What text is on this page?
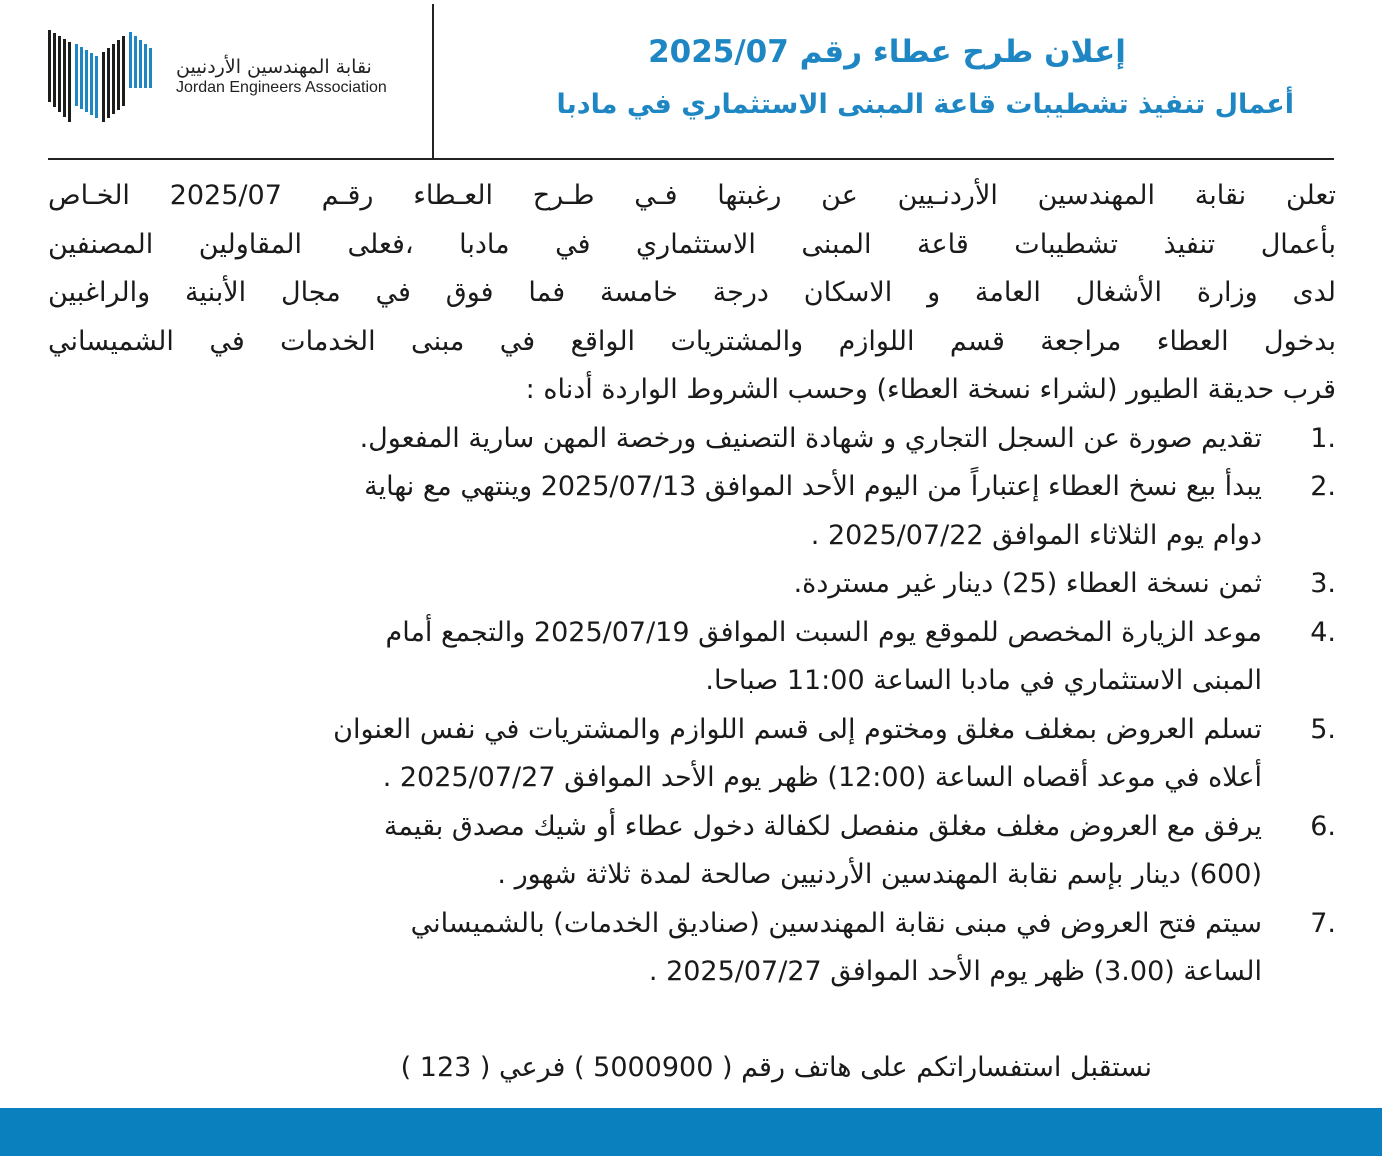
نقابة المهندسين الأردنيين
Jordan Engineers Association
إعلان طرح عطاء رقم 2025/07
أعمال تنفيذ تشطيبات قاعة المبنى الاستثماري في مادبا
تعلن نقابة المهندسين الأردنـيين عن رغبتها فـي طـرح العـطاء رقـم 2025/07 الخـاص
بأعمال تنفيذ تشطيبات قاعة المبنى الاستثماري في مادبا ،فعلى المقاولين المصنفين
لدى وزارة الأشغال العامة و الاسكان درجة خامسة فما فوق في مجال الأبنية والراغبين
بدخول العطاء مراجعة قسم اللوازم والمشتريات الواقع في مبنى الخدمات في الشميساني
قرب حديقة الطيور (لشراء نسخة العطاء) وحسب الشروط الواردة أدناه :
1.
تقديم صورة عن السجل التجاري و شهادة التصنيف ورخصة المهن سارية المفعول.
2.
يبدأ بيع نسخ العطاء إعتباراً من اليوم الأحد الموافق 2025/07/13 وينتهي مع نهاية
دوام يوم الثلاثاء الموافق 2025/07/22 .
3.
ثمن نسخة العطاء (25) دينار غير مستردة.
4.
موعد الزيارة المخصص للموقع يوم السبت الموافق 2025/07/19 والتجمع أمام
المبنى الاستثماري في مادبا الساعة 11:00 صباحا.
5.
تسلم العروض بمغلف مغلق ومختوم إلى قسم اللوازم والمشتريات في نفس العنوان
أعلاه في موعد أقصاه الساعة (12:00) ظهر يوم الأحد الموافق 2025/07/27 .
6.
يرفق مع العروض مغلف مغلق منفصل لكفالة دخول عطاء أو شيك مصدق بقيمة
(600) دينار بإسم نقابة المهندسين الأردنيين صالحة لمدة ثلاثة شهور .
7.
سيتم فتح العروض في مبنى نقابة المهندسين (صناديق الخدمات) بالشميساني
الساعة (3.00) ظهر يوم الأحد الموافق 2025/07/27 .
نستقبل استفساراتكم على هاتف رقم ( 5000900 ) فرعي ( 123 )
